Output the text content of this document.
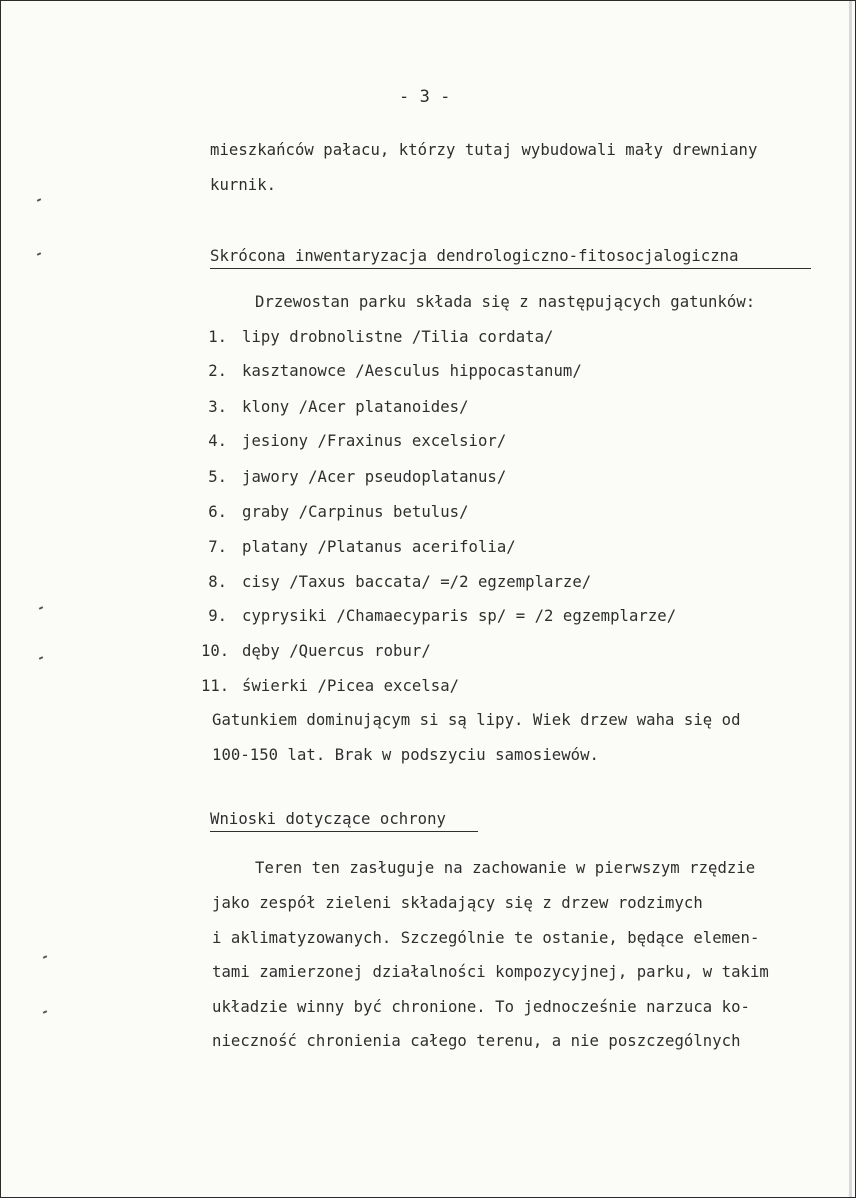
- 3 -

mieszkańców pałacu, którzy tutaj wybudowali mały drewniany

kurnik.

Skrócona inwentaryzacja dendrologiczno-fitosocjalogiczna

Drzewostan parku składa się z następujących gatunków:

1. lipy drobnolistne /Tilia cordata/

2. kasztanowce /Aesculus hippocastanum/

3. klony /Acer platanoides/

4. jesiony /Fraxinus excelsior/

5. jawory /Acer pseudoplatanus/

6. graby /Carpinus betulus/

7. platany /Platanus acerifolia/

8. cisy /Taxus baccata/ =/2 egzemplarze/

9. cyprysiki /Chamaecyparis sp/ = /2 egzemplarze/

10. dęby /Quercus robur/

11. świerki /Picea excelsa/

Gatunkiem dominującym si są lipy. Wiek drzew waha się od

100-150 lat. Brak w podszyciu samosiewów.

Wnioski dotyczące ochrony

Teren ten zasługuje na zachowanie w pierwszym rzędzie

jako zespół zieleni składający się z drzew rodzimych

i aklimatyzowanych. Szczególnie te ostanie, będące elemen-

tami zamierzonej działalności kompozycyjnej, parku, w takim

układzie winny być chronione. To jednocześnie narzuca ko-

nieczność chronienia całego terenu, a nie poszczególnych
